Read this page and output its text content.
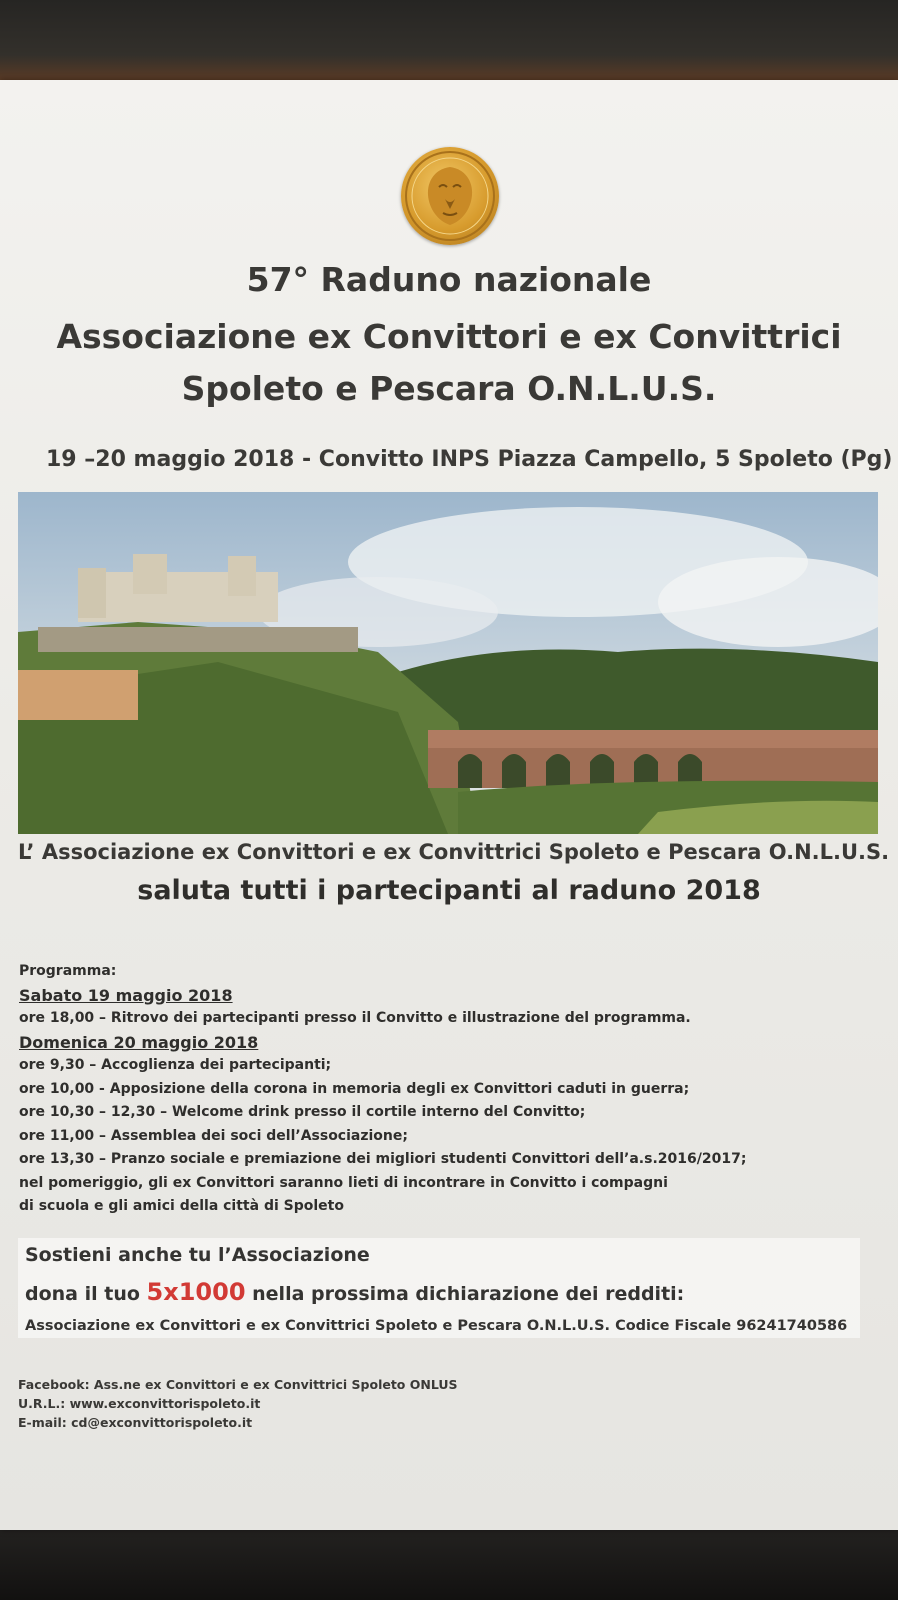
57° Raduno nazionale
Associazione ex Convittori e ex Convittrici
Spoleto e Pescara O.N.L.U.S.
19 –20 maggio 2018 - Convitto INPS Piazza Campello, 5 Spoleto (Pg)
L’ Associazione ex Convittori e ex Convittrici Spoleto e Pescara O.N.L.U.S.
saluta tutti i partecipanti al raduno 2018
Programma:
Sabato 19 maggio 2018
ore 18,00 – Ritrovo dei partecipanti presso il Convitto e illustrazione del programma.
Domenica 20 maggio 2018
ore 9,30 – Accoglienza dei partecipanti;
ore 10,00 - Apposizione della corona in memoria degli ex Convittori caduti in guerra;
ore 10,30 – 12,30 – Welcome drink presso il cortile interno del Convitto;
ore 11,00 – Assemblea dei soci dell’Associazione;
ore 13,30 – Pranzo sociale e premiazione dei migliori studenti Convittori dell’a.s.2016/2017;
nel pomeriggio, gli ex Convittori saranno lieti di incontrare in Convitto i compagni
di scuola e gli amici della città di Spoleto
Sostieni anche tu l’Associazione
dona il tuo 5x1000 nella prossima dichiarazione dei redditi:
Associazione ex Convittori e ex Convittrici Spoleto e Pescara O.N.L.U.S. Codice Fiscale 96241740586
Facebook: Ass.ne ex Convittori e ex Convittrici Spoleto ONLUS
U.R.L.: www.exconvittorispoleto.it
E-mail: cd@exconvittorispoleto.it
